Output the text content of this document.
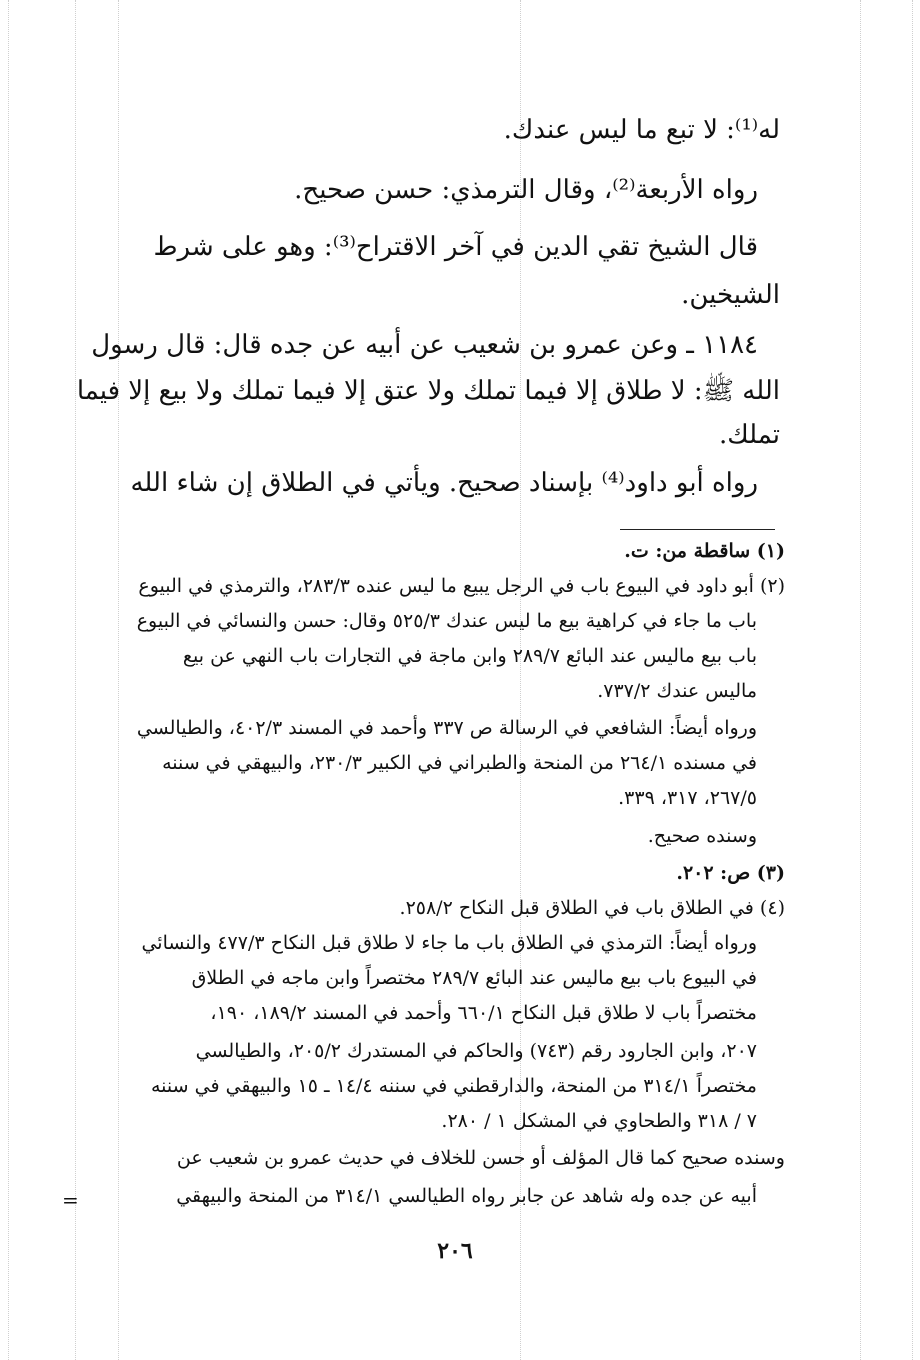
له⁽¹⁾: لا تبع ما ليس عندك.
رواه الأربعة⁽²⁾، وقال الترمذي: حسن صحيح.
قال الشيخ تقي الدين في آخر الاقتراح⁽³⁾: وهو على شرط
الشيخين.
١١٨٤ ـ وعن عمرو بن شعيب عن أبيه عن جده قال: قال رسول
الله ﷺ: لا طلاق إلا فيما تملك ولا عتق إلا فيما تملك ولا بيع إلا فيما
تملك.
رواه أبو داود⁽⁴⁾ بإسناد صحيح. ويأتي في الطلاق إن شاء الله
(١) ساقطة من: ت.
(٢) أبو داود في البيوع باب في الرجل يبيع ما ليس عنده ٢٨٣/٣، والترمذي في البيوع
باب ما جاء في كراهية بيع ما ليس عندك ٥٢٥/٣ وقال: حسن والنسائي في البيوع
باب بيع ماليس عند البائع ٢٨٩/٧ وابن ماجة في التجارات باب النهي عن بيع
ماليس عندك ٧٣٧/٢.
ورواه أيضاً: الشافعي في الرسالة ص ٣٣٧ وأحمد في المسند ٤٠٢/٣، والطيالسي
في مسنده ٢٦٤/١ من المنحة والطبراني في الكبير ٢٣٠/٣، والبيهقي في سننه
٢٦٧/٥، ٣١٧، ٣٣٩.
وسنده صحيح.
(٣) ص: ٢٠٢.
(٤) في الطلاق باب في الطلاق قبل النكاح ٢٥٨/٢.
ورواه أيضاً: الترمذي في الطلاق باب ما جاء لا طلاق قبل النكاح ٤٧٧/٣ والنسائي
في البيوع باب بيع ماليس عند البائع ٢٨٩/٧ مختصراً وابن ماجه في الطلاق
مختصراً باب لا طلاق قبل النكاح ٦٦٠/١ وأحمد في المسند ١٨٩/٢، ١٩٠،
٢٠٧، وابن الجارود رقم (٧٤٣) والحاكم في المستدرك ٢٠٥/٢، والطيالسي
مختصراً ٣١٤/١ من المنحة، والدارقطني في سننه ١٤/٤ ـ ١٥ والبيهقي في سننه
٧ / ٣١٨ والطحاوي في المشكل ١ / ٢٨٠.
وسنده صحيح كما قال المؤلف أو حسن للخلاف في حديث عمرو بن شعيب عن
أبيه عن جده وله شاهد عن جابر رواه الطيالسي ٣١٤/١ من المنحة والبيهقي
=
٢٠٦
